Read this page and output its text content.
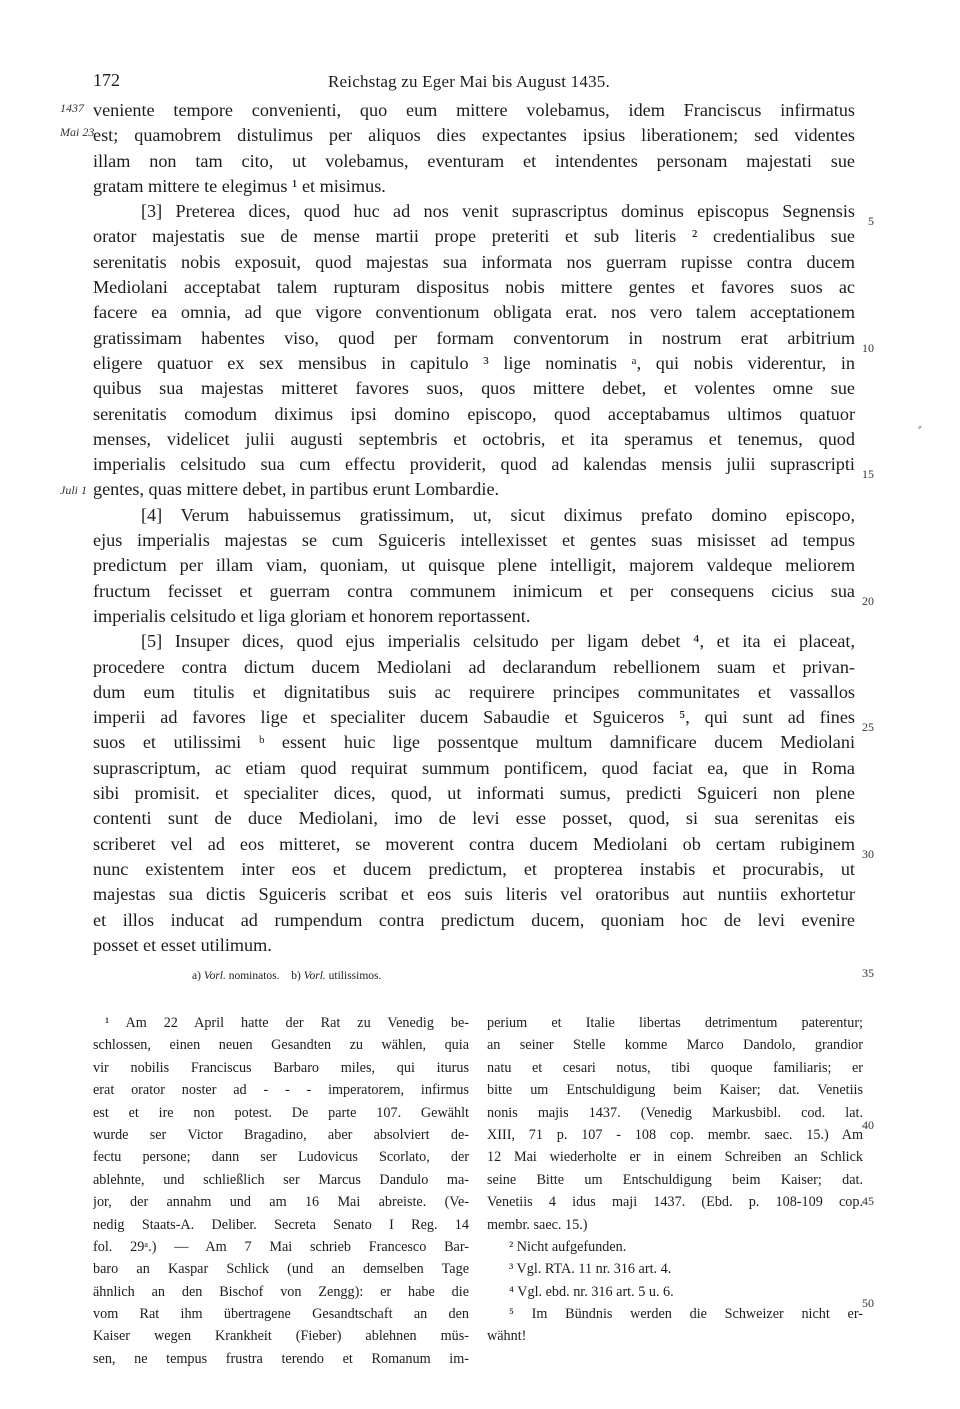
172	Reichstag zu Eger Mai bis August 1435.
1437
Mai 23
Juli 1
veniente tempore convenienti, quo eum mittere volebamus, idem Franciscus infirmatus
est; quamobrem distulimus per aliquos dies expectantes ipsius liberationem; sed videntes
illam non tam cito, ut volebamus, eventuram et intendentes personam majestati sue
gratam mittere te elegimus ¹ et misimus.
[3] Preterea dices, quod huc ad nos venit suprascriptus dominus episcopus Segnensis
orator majestatis sue de mense martii prope preteriti et sub literis ² credentialibus sue
serenitatis nobis exposuit, quod majestas sua informata nos guerram rupisse contra ducem
Mediolani acceptabat talem rupturam dispositus nobis mittere gentes et favores suos ac
facere ea omnia, ad que vigore conventionum obligata erat. nos vero talem acceptationem
gratissimam habentes viso, quod per formam conventorum in nostrum erat arbitrium
eligere quatuor ex sex mensibus in capitulo ³ lige nominatis ᵃ, qui nobis viderentur, in
quibus sua majestas mitteret favores suos, quos mittere debet, et volentes omne sue
serenitatis comodum diximus ipsi domino episcopo, quod acceptabamus ultimos quatuor
menses, videlicet julii augusti septembris et octobris, et ita speramus et tenemus, quod
imperialis celsitudo sua cum effectu providerit, quod ad kalendas mensis julii suprascripti
gentes, quas mittere debet, in partibus erunt Lombardie.
[4] Verum habuissemus gratissimum, ut, sicut diximus prefato domino episcopo,
ejus imperialis majestas se cum Sguiceris intellexisset et gentes suas misisset ad tempus
predictum per illam viam, quoniam, ut quisque plene intelligit, majorem valdeque meliorem
fructum fecisset et guerram contra communem inimicum et per consequens cicius sua
imperialis celsitudo et liga gloriam et honorem reportassent.
[5] Insuper dices, quod ejus imperialis celsitudo per ligam debet ⁴, et ita ei placeat,
procedere contra dictum ducem Mediolani ad declarandum rebellionem suam et privan-
dum eum titulis et dignitatibus suis ac requirere principes communitates et vassallos
imperii ad favores lige et specialiter ducem Sabaudie et Sguiceros ⁵, qui sunt ad fines
suos et utilissimi ᵇ essent huic lige possentque multum damnificare ducem Mediolani
suprascriptum, ac etiam quod requirat summum pontificem, quod faciat ea, que in Roma
sibi promisit. et specialiter dices, quod, ut informati sumus, predicti Sguiceri non plene
contenti sunt de duce Mediolani, imo de levi esse posset, quod, si sua serenitas eis
scriberet vel ad eos mitteret, se moverent contra ducem Mediolani ob certam rubiginem
nunc existentem inter eos et ducem predictum, et propterea instabis et procurabis, ut
majestas sua dictis Sguiceris scribat et eos suis literis vel oratoribus aut nuntiis exhortetur
et illos inducat ad rumpendum contra predictum ducem, quoniam hoc de levi evenire
posset et esset utilimum.
5
10
15
20
25
30
35
40
45
50
⸗
a) Vorl. nominatos. b) Vorl. utilissimos.
¹ Am 22 April hatte der Rat zu Venedig be-
schlossen, einen neuen Gesandten zu wählen, quia
vir nobilis Franciscus Barbaro miles, qui iturus
erat orator noster ad - - - imperatorem, infirmus
est et ire non potest. De parte 107. Gewählt
wurde ser Victor Bragadino, aber absolviert de-
fectu persone; dann ser Ludovicus Scorlato, der
ablehnte, und schließlich ser Marcus Dandulo ma-
jor, der annahm und am 16 Mai abreiste. (Ve-
nedig Staats-A. Deliber. Secreta Senato I Reg. 14
fol. 29ᵃ.) — Am 7 Mai schrieb Francesco Bar-
baro an Kaspar Schlick (und an demselben Tage
ähnlich an den Bischof von Zengg): er habe die
vom Rat ihm übertragene Gesandtschaft an den
Kaiser wegen Krankheit (Fieber) ablehnen müs-
sen, ne tempus frustra terendo et Romanum im-
perium et Italie libertas detrimentum paterentur;
an seiner Stelle komme Marco Dandolo, grandior
natu et cesari notus, tibi quoque familiaris; er
bitte um Entschuldigung beim Kaiser; dat. Venetiis
nonis majis 1437. (Venedig Markusbibl. cod. lat.
XIII, 71 p. 107 - 108 cop. membr. saec. 15.) Am
12 Mai wiederholte er in einem Schreiben an Schlick
seine Bitte um Entschuldigung beim Kaiser; dat.
Venetiis 4 idus maji 1437. (Ebd. p. 108-109 cop.
membr. saec. 15.)
² Nicht aufgefunden.
³ Vgl. RTA. 11 nr. 316 art. 4.
⁴ Vgl. ebd. nr. 316 art. 5 u. 6.
⁵ Im Bündnis werden die Schweizer nicht er-
wähnt!
